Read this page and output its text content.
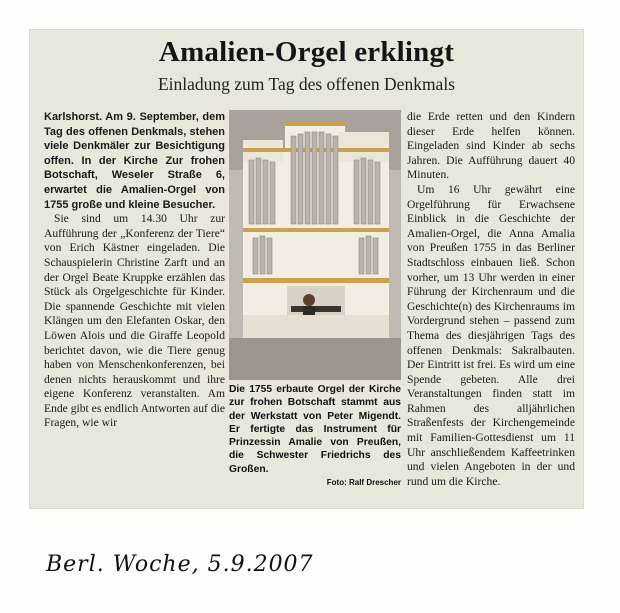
Amalien-Orgel erklingt
Einladung zum Tag des offenen Denkmals

Karlshorst. Am 9. September, dem Tag des offenen Denkmals, stehen viele Denkmäler zur Besichtigung offen. In der Kirche Zur frohen Botschaft, Weseler Straße 6, erwartet die Amalien-Orgel von 1755 große und kleine Besucher.

Sie sind um 14.30 Uhr zur Aufführung der „Konferenz der Tiere“ von Erich Kästner eingeladen. Die Schauspielerin Christine Zarft und an der Orgel Beate Kruppke erzählen das Stück als Orgelgeschichte für Kinder. Die spannende Geschichte mit vielen Klängen um den Elefanten Oskar, den Löwen Alois und die Giraffe Leopold berichtet davon, wie die Tiere genug haben von Menschenkonferenzen, bei denen nichts herauskommt und ihre eigene Konferenz veranstalten. Am Ende gibt es endlich Antworten auf die Fragen, wie wir

Die 1755 erbaute Orgel der Kirche zur frohen Botschaft stammt aus der Werkstatt von Peter Migendt. Er fertigte das Instrument für Prinzessin Amalie von Preußen, die Schwester Friedrichs des Großen.
Foto: Ralf Drescher

die Erde retten und den Kindern dieser Erde helfen können. Eingeladen sind Kinder ab sechs Jahren. Die Aufführung dauert 40 Minuten.

Um 16 Uhr gewährt eine Orgelführung für Erwachsene Einblick in die Geschichte der Amalien-Orgel, die Anna Amalia von Preußen 1755 in das Berliner Stadtschloss einbauen ließ. Schon vorher, um 13 Uhr werden in einer Führung der Kirchenraum und die Geschichte(n) des Kirchenraums im Vordergrund stehen – passend zum Thema des diesjährigen Tags des offenen Denkmals: Sakralbauten. Der Eintritt ist frei. Es wird um eine Spende gebeten. Alle drei Veranstaltungen finden statt im Rahmen des alljährlichen Straßenfests der Kirchengemeinde mit Familien-Gottesdienst um 11 Uhr anschließendem Kaffeetrinken und vielen Angeboten in der und rund um die Kirche.

Berl. Woche, 5.9.2007
